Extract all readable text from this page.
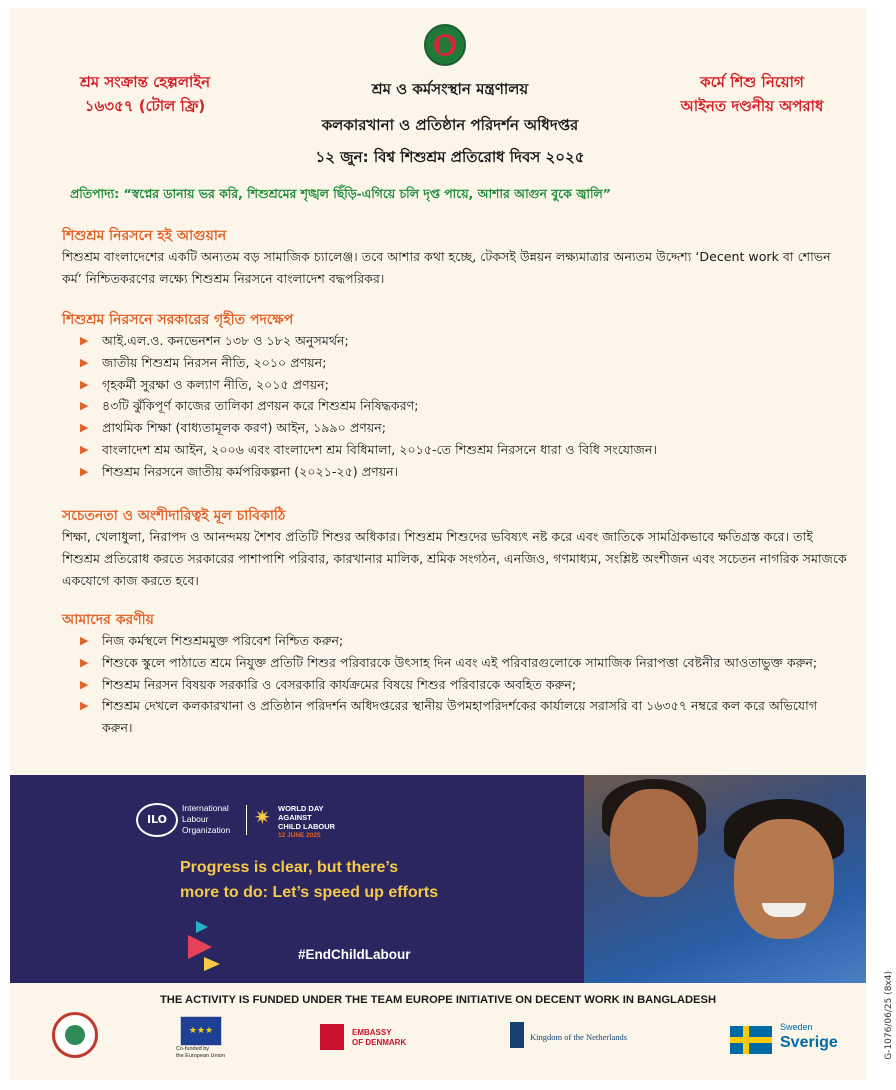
শ্রম সংক্রান্ত হেল্পলাইন
১৬৩৫৭ (টোল ফ্রি)
কর্মে শিশু নিয়োগ
আইনত দণ্ডনীয় অপরাধ
শ্রম ও কর্মসংস্থান মন্ত্রণালয়
কলকারখানা ও প্রতিষ্ঠান পরিদর্শন অধিদপ্তর
১২ জুন: বিশ্ব শিশুশ্রম প্রতিরোধ দিবস ২০২৫
প্রতিপাদ্য: “স্বপ্নের ডানায় ভর করি, শিশুশ্রমের শৃঙ্খল ছিঁড়ি-এগিয়ে চলি দৃপ্ত পায়ে, আশার আগুন বুকে জ্বালি”
শিশুশ্রম নিরসনে হই আগুয়ান
শিশুশ্রম বাংলাদেশের একটি অন্যতম বড় সামাজিক চ্যালেঞ্জ। তবে আশার কথা হচ্ছে, টেকসই উন্নয়ন লক্ষ্যমাত্রার অন্যতম উদ্দেশ্য ‘Decent work বা শোভন কর্ম’ নিশ্চিতকরণের লক্ষ্যে শিশুশ্রম নিরসনে বাংলাদেশ বদ্ধপরিকর।
শিশুশ্রম নিরসনে সরকারের গৃহীত পদক্ষেপ
▶ আই.এল.ও. কনভেনশন ১৩৮ ও ১৮২ অনুসমর্থন;
▶ জাতীয় শিশুশ্রম নিরসন নীতি, ২০১০ প্রণয়ন;
▶ গৃহকর্মী সুরক্ষা ও কল্যাণ নীতি, ২০১৫ প্রণয়ন;
▶ ৪৩টি ঝুঁকিপূর্ণ কাজের তালিকা প্রণয়ন করে শিশুশ্রম নিষিদ্ধকরণ;
▶ প্রাথমিক শিক্ষা (বাধ্যতামূলক করণ) আইন, ১৯৯০ প্রণয়ন;
▶ বাংলাদেশ শ্রম আইন, ২০০৬ এবং বাংলাদেশ শ্রম বিধিমালা, ২০১৫-তে শিশুশ্রম নিরসনে ধারা ও বিধি সংযোজন।
▶ শিশুশ্রম নিরসনে জাতীয় কর্মপরিকল্পনা (২০২১-২৫) প্রণয়ন।
সচেতনতা ও অংশীদারিত্বই মূল চাবিকাঠি
শিক্ষা, খেলাধুলা, নিরাপদ ও আনন্দময় শৈশব প্রতিটি শিশুর অধিকার। শিশুশ্রম শিশুদের ভবিষ্যৎ নষ্ট করে এবং জাতিকে সামগ্রিকভাবে ক্ষতিগ্রস্ত করে। তাই শিশুশ্রম প্রতিরোধ করতে সরকারের পাশাপাশি পরিবার, কারখানার মালিক, শ্রমিক সংগঠন, এনজিও, গণমাধ্যম, সংশ্লিষ্ট অংশীজন এবং সচেতন নাগরিক সমাজকে একযোগে কাজ করতে হবে।
আমাদের করণীয়
▶ নিজ কর্মস্থলে শিশুশ্রমমুক্ত পরিবেশ নিশ্চিত করুন;
▶ শিশুকে স্কুলে পাঠাতে শ্রমে নিযুক্ত প্রতিটি শিশুর পরিবারকে উৎসাহ দিন এবং এই পরিবারগুলোকে সামাজিক নিরাপত্তা বেষ্টনীর আওতাভুক্ত করুন;
▶ শিশুশ্রম নিরসন বিষয়ক সরকারি ও বেসরকারি কার্যক্রমের বিষয়ে শিশুর পরিবারকে অবহিত করুন;
▶ শিশুশ্রম দেখলে কলকারখানা ও প্রতিষ্ঠান পরিদর্শন অধিদপ্তরের স্থানীয় উপমহাপরিদর্শকের কার্যালয়ে সরাসরি বা ১৬৩৫৭ নম্বরে কল করে অভিযোগ করুন।
ILO
International
Labour
Organization
✷ WORLD DAY
AGAINST
CHILD LABOUR
12 JUNE 2025
Progress is clear, but there’s
more to do: Let’s speed up efforts
#EndChildLabour
THE ACTIVITY IS FUNDED UNDER THE TEAM EUROPE INITIATIVE ON DECENT WORK IN BANGLADESH
★★★
Co-funded by
the European Union
EMBASSY
OF DENMARK
Kingdom of the Netherlands
Sweden
Sverige	G-1076/06/25 (8x4)
